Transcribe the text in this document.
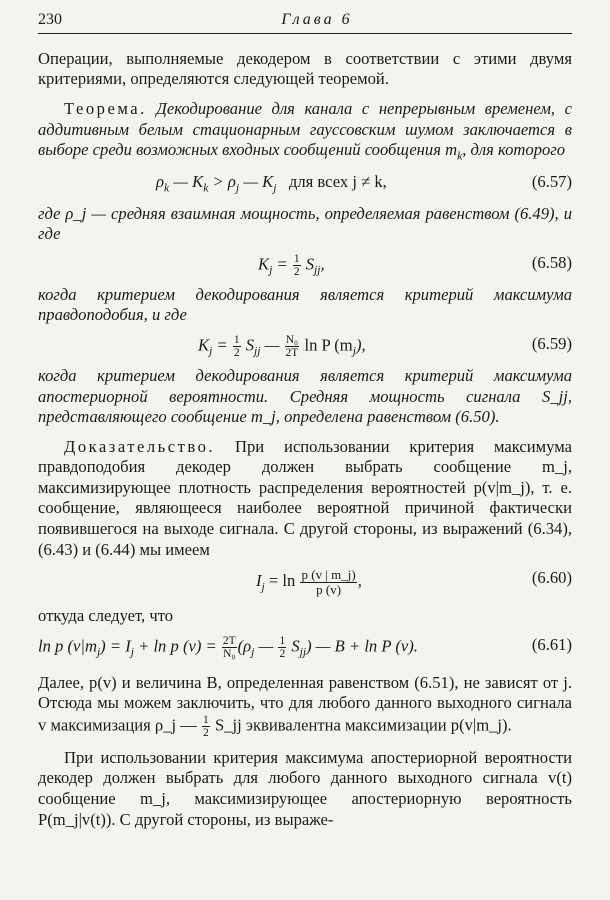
230	Глава 6

Операции, выполняемые декодером в соответствии с этими двумя критериями, определяются следующей теоремой.

Теорема. Декодирование для канала с непрерывным временем, с аддитивным белым стационарным гауссовским шумом заключается в выборе среди возможных входных сообщений сообщения $m_k$, для которого

$\rho_k$ — $K_k > \rho_j$ — $K_j$ для всех j ≠ k,	(6.57)

где ρ_j — средняя взаимная мощность, определяемая равенством (6.49), и где

$K_j = \frac{1}{2} S_{jj}$,	(6.58)

когда критерием декодирования является критерий максимума правдоподобия, и где

$K_j = \frac{1}{2} S_{jj}$ — $\frac{\text{N₀}}{2T}$ ln P $(m_j)$,	(6.59)

когда критерием декодирования является критерий максимума апостериорной вероятности. Средняя мощность сигнала S_jj, представляющего сообщение m_j, определена равенством (6.50).

Доказательство. При использовании критерия максимума правдоподобия декодер должен выбрать сообщение m_j, максимизирующее плотность распределения вероятностей p(v|m_j), т. е. сообщение, являющееся наиболее вероятной причиной фактически появившегося на выходе сигнала. С другой стороны, из выражений (6.34), (6.43) и (6.44) мы имеем

$I_j = \ln \frac{p (v | m\_j)}{p (v)}$ ,	(6.60)

откуда следует, что

ln p $(v|m_j) = I_j + \ln p$ $(v) = \frac{2T}{\text{N₀}} (\rho_j$ — $\frac{1}{2} S_{jj}$) — B + ln P (v).	(6.61)

Далее, p(v) и величина B, определенная равенством (6.51), не зависят от j. Отсюда мы можем заключить, что для любого данного выходного сигнала v максимизация ρ_j — $\frac{1}{2}$ S_jj эквивалентна максимизации p(v|m_j).

При использовании критерия максимума апостериорной вероятности декодер должен выбрать для любого данного выходного сигнала v(t) сообщение m_j, максимизирующее апостериорную вероятность P(m_j|v(t)). С другой стороны, из выраже-
